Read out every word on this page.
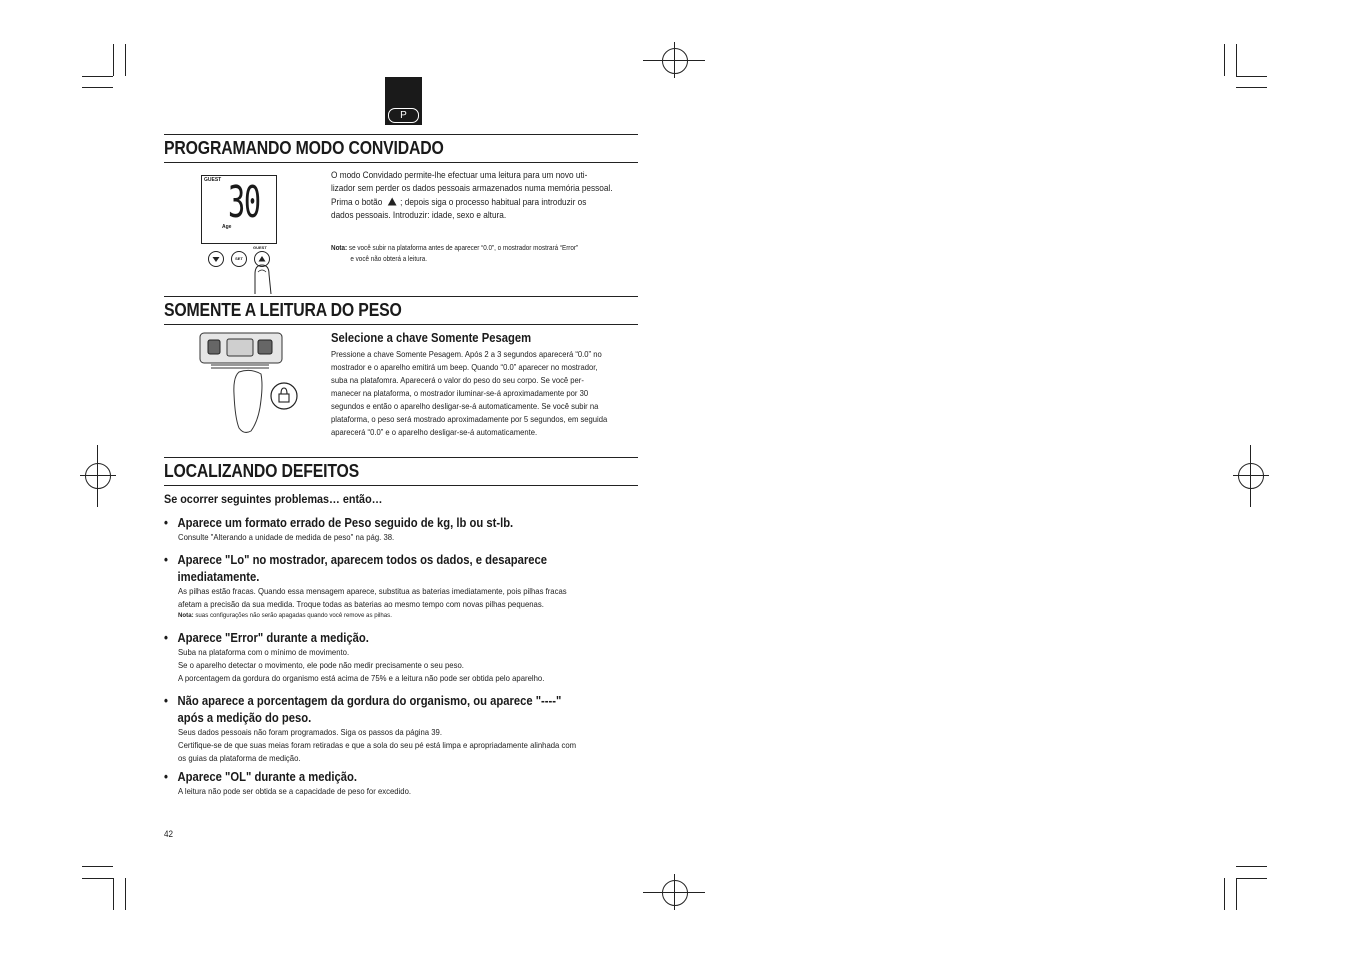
P
PROGRAMANDO MODO CONVIDADO
GUEST 30
Age
SET
GUEST
O modo Convidado permite-lhe efectuar uma leitura para um novo uti-
lizador sem perder os dados pessoais armazenados numa memória pessoal.
Prima o botão ; depois siga o processo habitual para introduzir os
dados pessoais. Introduzir: idade, sexo e altura.
Nota: se você subir na plataforma antes de aparecer “0.0”, o mostrador mostrará “Error”
e você não obterá a leitura.
SOMENTE A LEITURA DO PESO
Selecione a chave Somente Pesagem
Pressione a chave Somente Pesagem. Após 2 a 3 segundos aparecerá “0.0” no
mostrador e o aparelho emitirá um beep. Quando “0.0” aparecer no mostrador,
suba na platafomra. Aparecerá o valor do peso do seu corpo. Se você per-
manecer na plataforma, o mostrador iluminar-se-á aproximadamente por 30
segundos e então o aparelho desligar-se-á automaticamente. Se você subir na
plataforma, o peso será mostrado aproximadamente por 5 segundos, em seguida
aparecerá “0.0” e o aparelho desligar-se-á automaticamente.
LOCALIZANDO DEFEITOS
Se ocorrer seguintes problemas… então…
• Aparece um formato errado de Peso seguido de kg, lb ou st-lb.
Consulte "Alterando a unidade de medida de peso" na pág. 38.
• Aparece "Lo" no mostrador, aparecem todos os dados, e desaparece
imediatamente.
As pilhas estão fracas. Quando essa mensagem aparece, substitua as baterias imediatamente, pois pilhas fracas
afetam a precisão da sua medida. Troque todas as baterias ao mesmo tempo com novas pilhas pequenas.
Nota: suas configurações não serão apagadas quando você remove as pilhas.
• Aparece "Error" durante a medição.
Suba na plataforma com o mínimo de movimento.
Se o aparelho detectar o movimento, ele pode não medir precisamente o seu peso.
A porcentagem da gordura do organismo está acima de 75% e a leitura não pode ser obtida pelo aparelho.
• Não aparece a porcentagem da gordura do organismo, ou aparece "----"
após a medição do peso.
Seus dados pessoais não foram programados. Siga os passos da página 39.
Certifique-se de que suas meias foram retiradas e que a sola do seu pé está limpa e apropriadamente alinhada com
os guias da plataforma de medição.
• Aparece "OL" durante a medição.
A leitura não pode ser obtida se a capacidade de peso for excedido.
42
